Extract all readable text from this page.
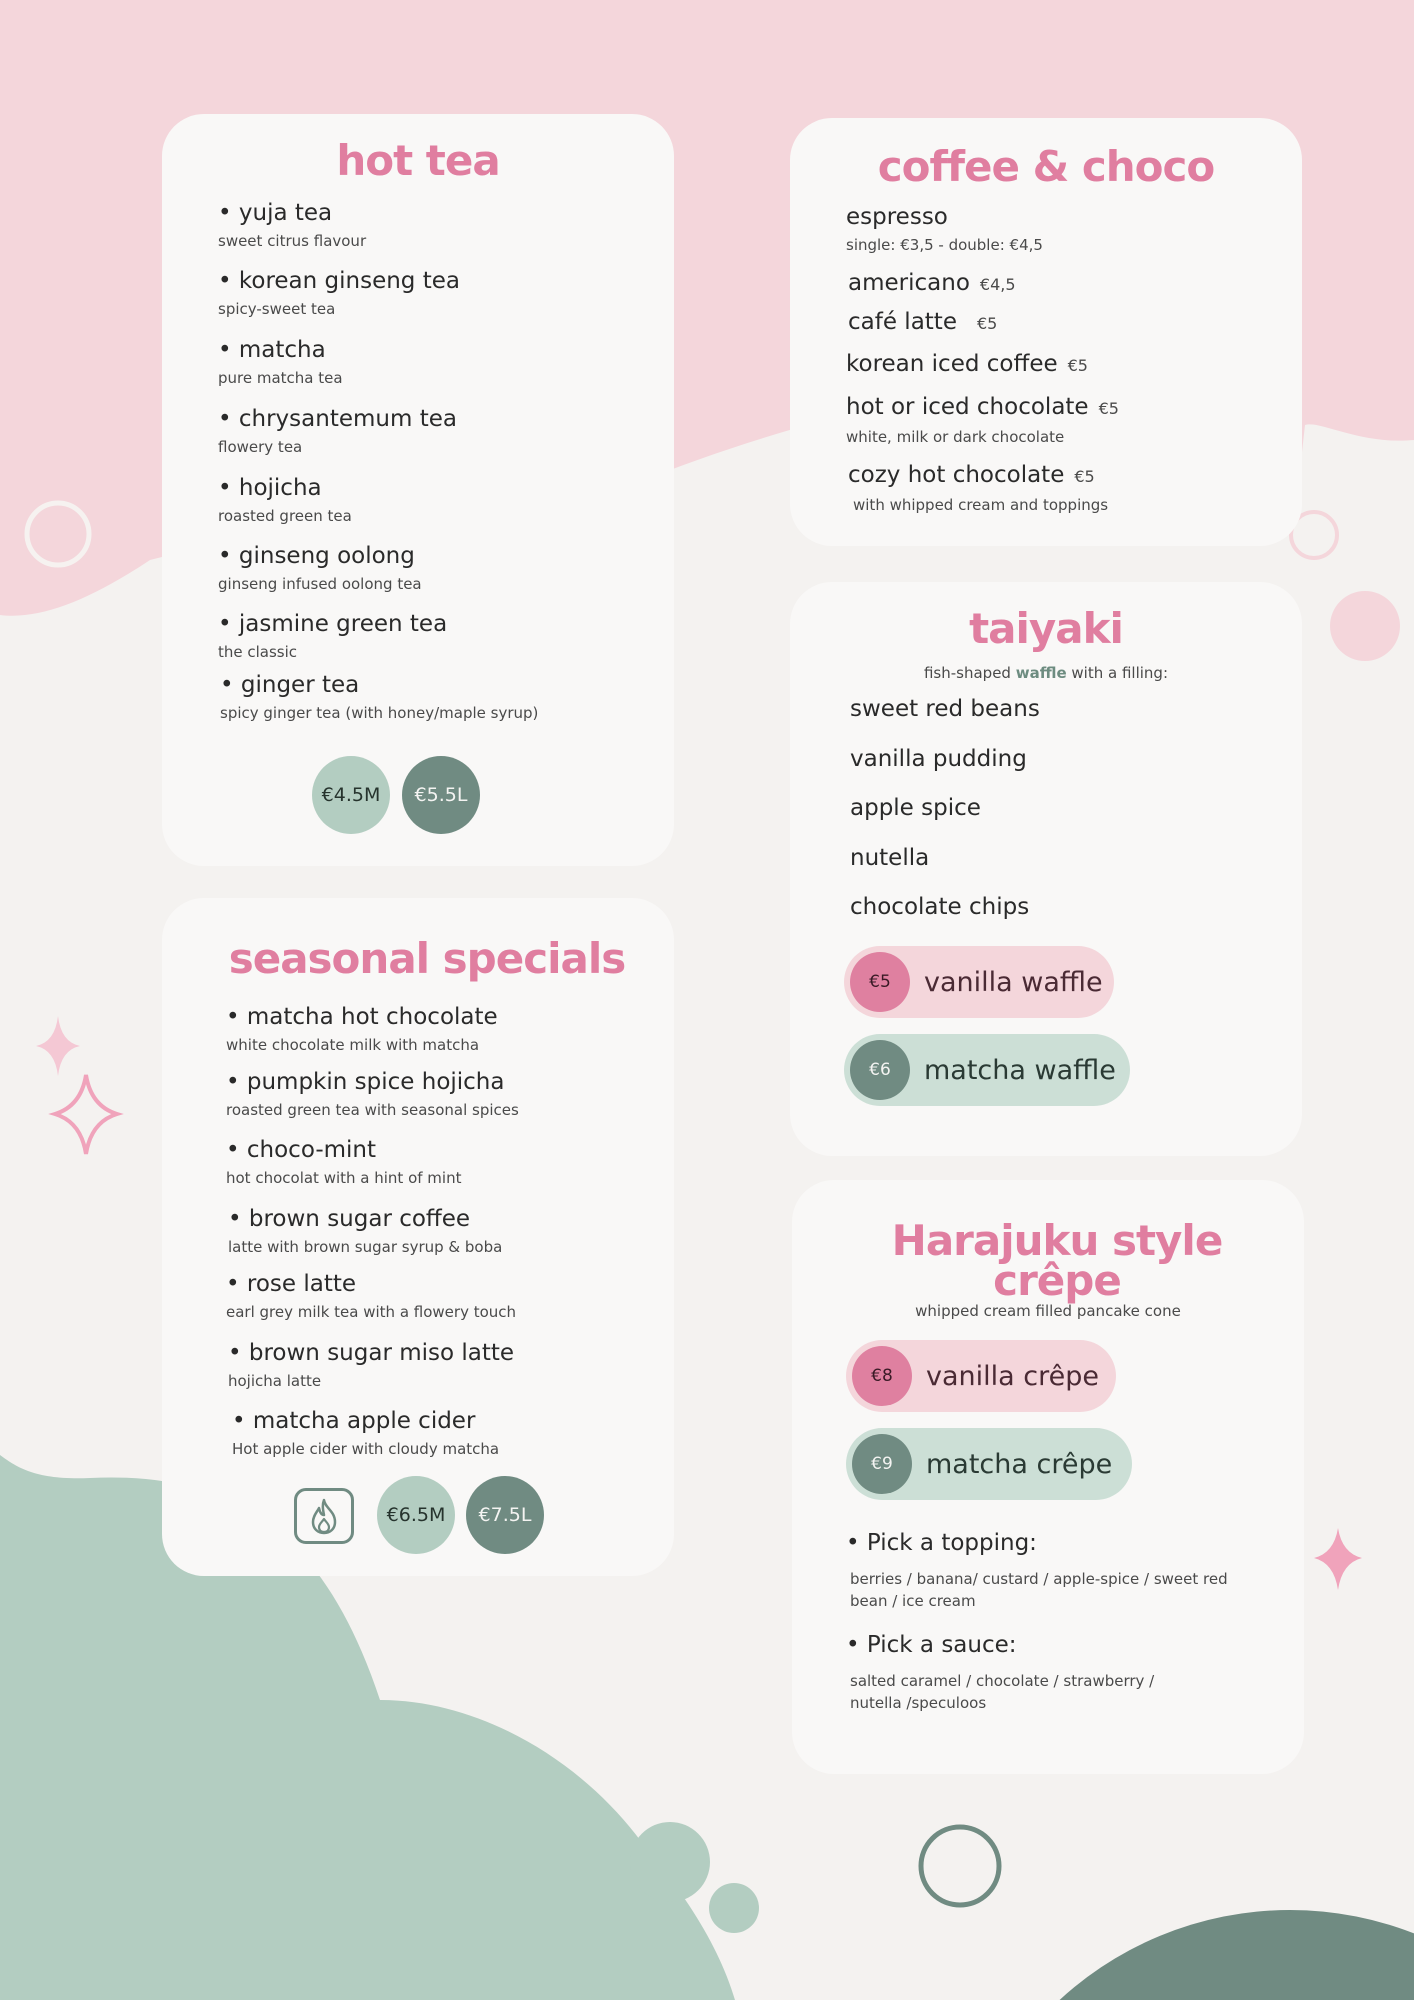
hot tea
• yuja tea
sweet citrus flavour
• korean ginseng tea
spicy-sweet tea
• matcha
pure matcha tea
• chrysantemum tea
flowery tea
• hojicha
roasted green tea
• ginseng oolong
ginseng infused oolong tea
• jasmine green tea
the classic
• ginger tea
spicy ginger tea (with honey/maple syrup)
€4.5M	€5.5L
seasonal specials
• matcha hot chocolate
white chocolate milk with matcha
• pumpkin spice hojicha
roasted green tea with seasonal spices
• choco-mint
hot chocolat with a hint of mint
• brown sugar coffee
latte with brown sugar syrup & boba
• rose latte
earl grey milk tea with a flowery touch
• brown sugar miso latte
hojicha latte
• matcha apple cider
Hot apple cider with cloudy matcha
€6.5M	€7.5L
coffee & choco
espresso
single: €3,5 - double: €4,5
americano €4,5
café latte €5
korean iced coffee €5
hot or iced chocolate €5
white, milk or dark chocolate
cozy hot chocolate €5
with whipped cream and toppings
taiyaki
fish-shaped waffle with a filling:
sweet red beans
vanilla pudding
apple spice
nutella
chocolate chips
€5	vanilla waffle
€6	matcha waffle
Harajuku style
crêpe
whipped cream filled pancake cone
€8	vanilla crêpe
€9	matcha crêpe
• Pick a topping:
berries / banana/ custard / apple-spice / sweet red bean / ice cream
• Pick a sauce:
salted caramel / chocolate / strawberry / nutella /speculoos
